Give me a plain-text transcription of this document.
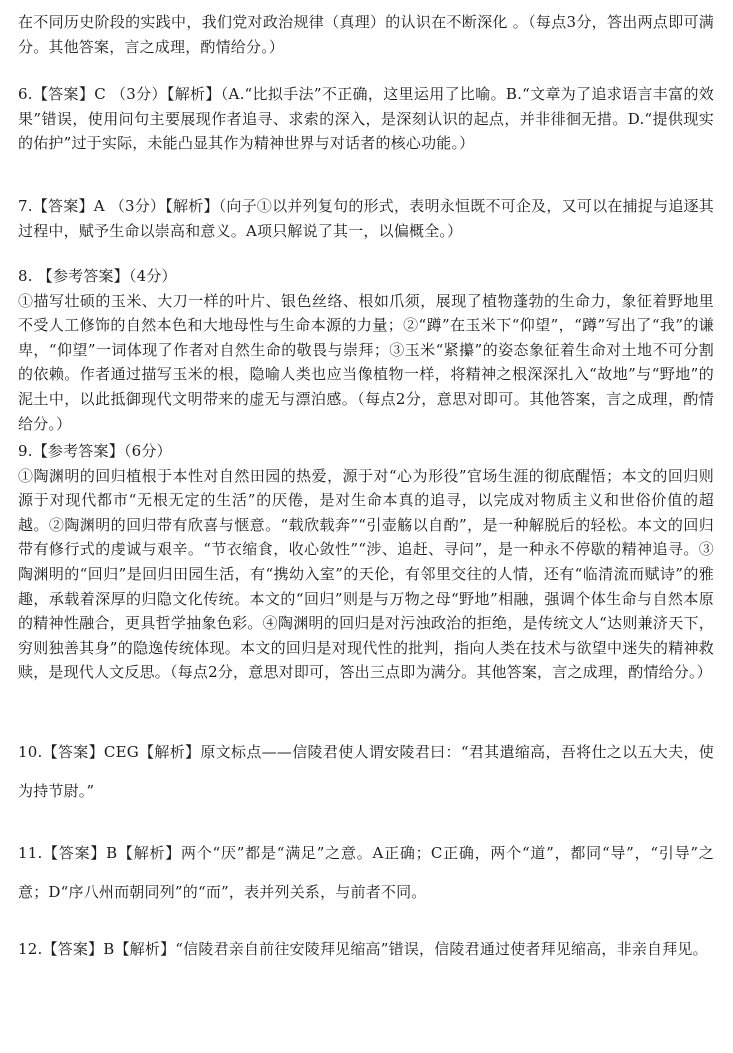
在不同历史阶段的实践中，我们党对政治规律（真理）的认识在不断深化 。（每点3分，答出两点即可满分。其他答案，言之成理，酌情给分。）

6.【答案】C （3分）【解析】（A.“比拟手法”不正确，这里运用了比喻。B.“文章为了追求语言丰富的效果”错误，使用问句主要展现作者追寻、求索的深入，是深刻认识的起点，并非徘徊无措。D.“提供现实的佑护”过于实际，未能凸显其作为精神世界与对话者的核心功能。）

7.【答案】A （3分）【解析】（向子①以并列复句的形式，表明永恒既不可企及，又可以在捕捉与追逐其过程中，赋予生命以崇高和意义。A项只解说了其一，以偏概全。）

8. 【参考答案】（4分）
①描写壮硕的玉米、大刀一样的叶片、银色丝络、根如爪须，展现了植物蓬勃的生命力，象征着野地里不受人工修饰的自然本色和大地母性与生命本源的力量；②“蹲”在玉米下“仰望”，“蹲”写出了“我”的谦卑，“仰望”一词体现了作者对自然生命的敬畏与崇拜；③玉米“紧攥”的姿态象征着生命对土地不可分割的依赖。作者通过描写玉米的根，隐喻人类也应当像植物一样，将精神之根深深扎入“故地”与“野地”的泥土中，以此抵御现代文明带来的虚无与漂泊感。（每点2分，意思对即可。其他答案，言之成理，酌情给分。）
9.【参考答案】（6分）
①陶渊明的回归植根于本性对自然田园的热爱，源于对“心为形役”官场生涯的彻底醒悟；本文的回归则源于对现代都市“无根无定的生活”的厌倦，是对生命本真的追寻，以完成对物质主义和世俗价值的超越。②陶渊明的回归带有欣喜与惬意。“载欣载奔”“引壶觞以自酌”，是一种解脱后的轻松。本文的回归带有修行式的虔诚与艰辛。“节衣缩食，收心敛性”“涉、追赶、寻问”，是一种永不停歇的精神追寻。③陶渊明的“回归”是回归田园生活，有“携幼入室”的天伦，有邻里交往的人情，还有“临清流而赋诗”的雅趣，承载着深厚的归隐文化传统。本文的“回归”则是与万物之母“野地”相融，强调个体生命与自然本原的精神性融合，更具哲学抽象色彩。④陶渊明的回归是对污浊政治的拒绝，是传统文人“达则兼济天下，穷则独善其身”的隐逸传统体现。本文的回归是对现代性的批判，指向人类在技术与欲望中迷失的精神救赎，是现代人文反思。（每点2分，意思对即可，答出三点即为满分。其他答案，言之成理，酌情给分。）

10.【答案】CEG【解析】原文标点——信陵君使人谓安陵君曰：“君其遣缩高，吾将仕之以五大夫，使为持节尉。”

11.【答案】B【解析】两个“厌”都是“满足”之意。A正确；C正确，两个“道”，都同“导”，“引导”之意；D“序八州而朝同列”的“而”，表并列关系，与前者不同。

12.【答案】B【解析】“信陵君亲自前往安陵拜见缩高”错误，信陵君通过使者拜见缩高，非亲自拜见。
